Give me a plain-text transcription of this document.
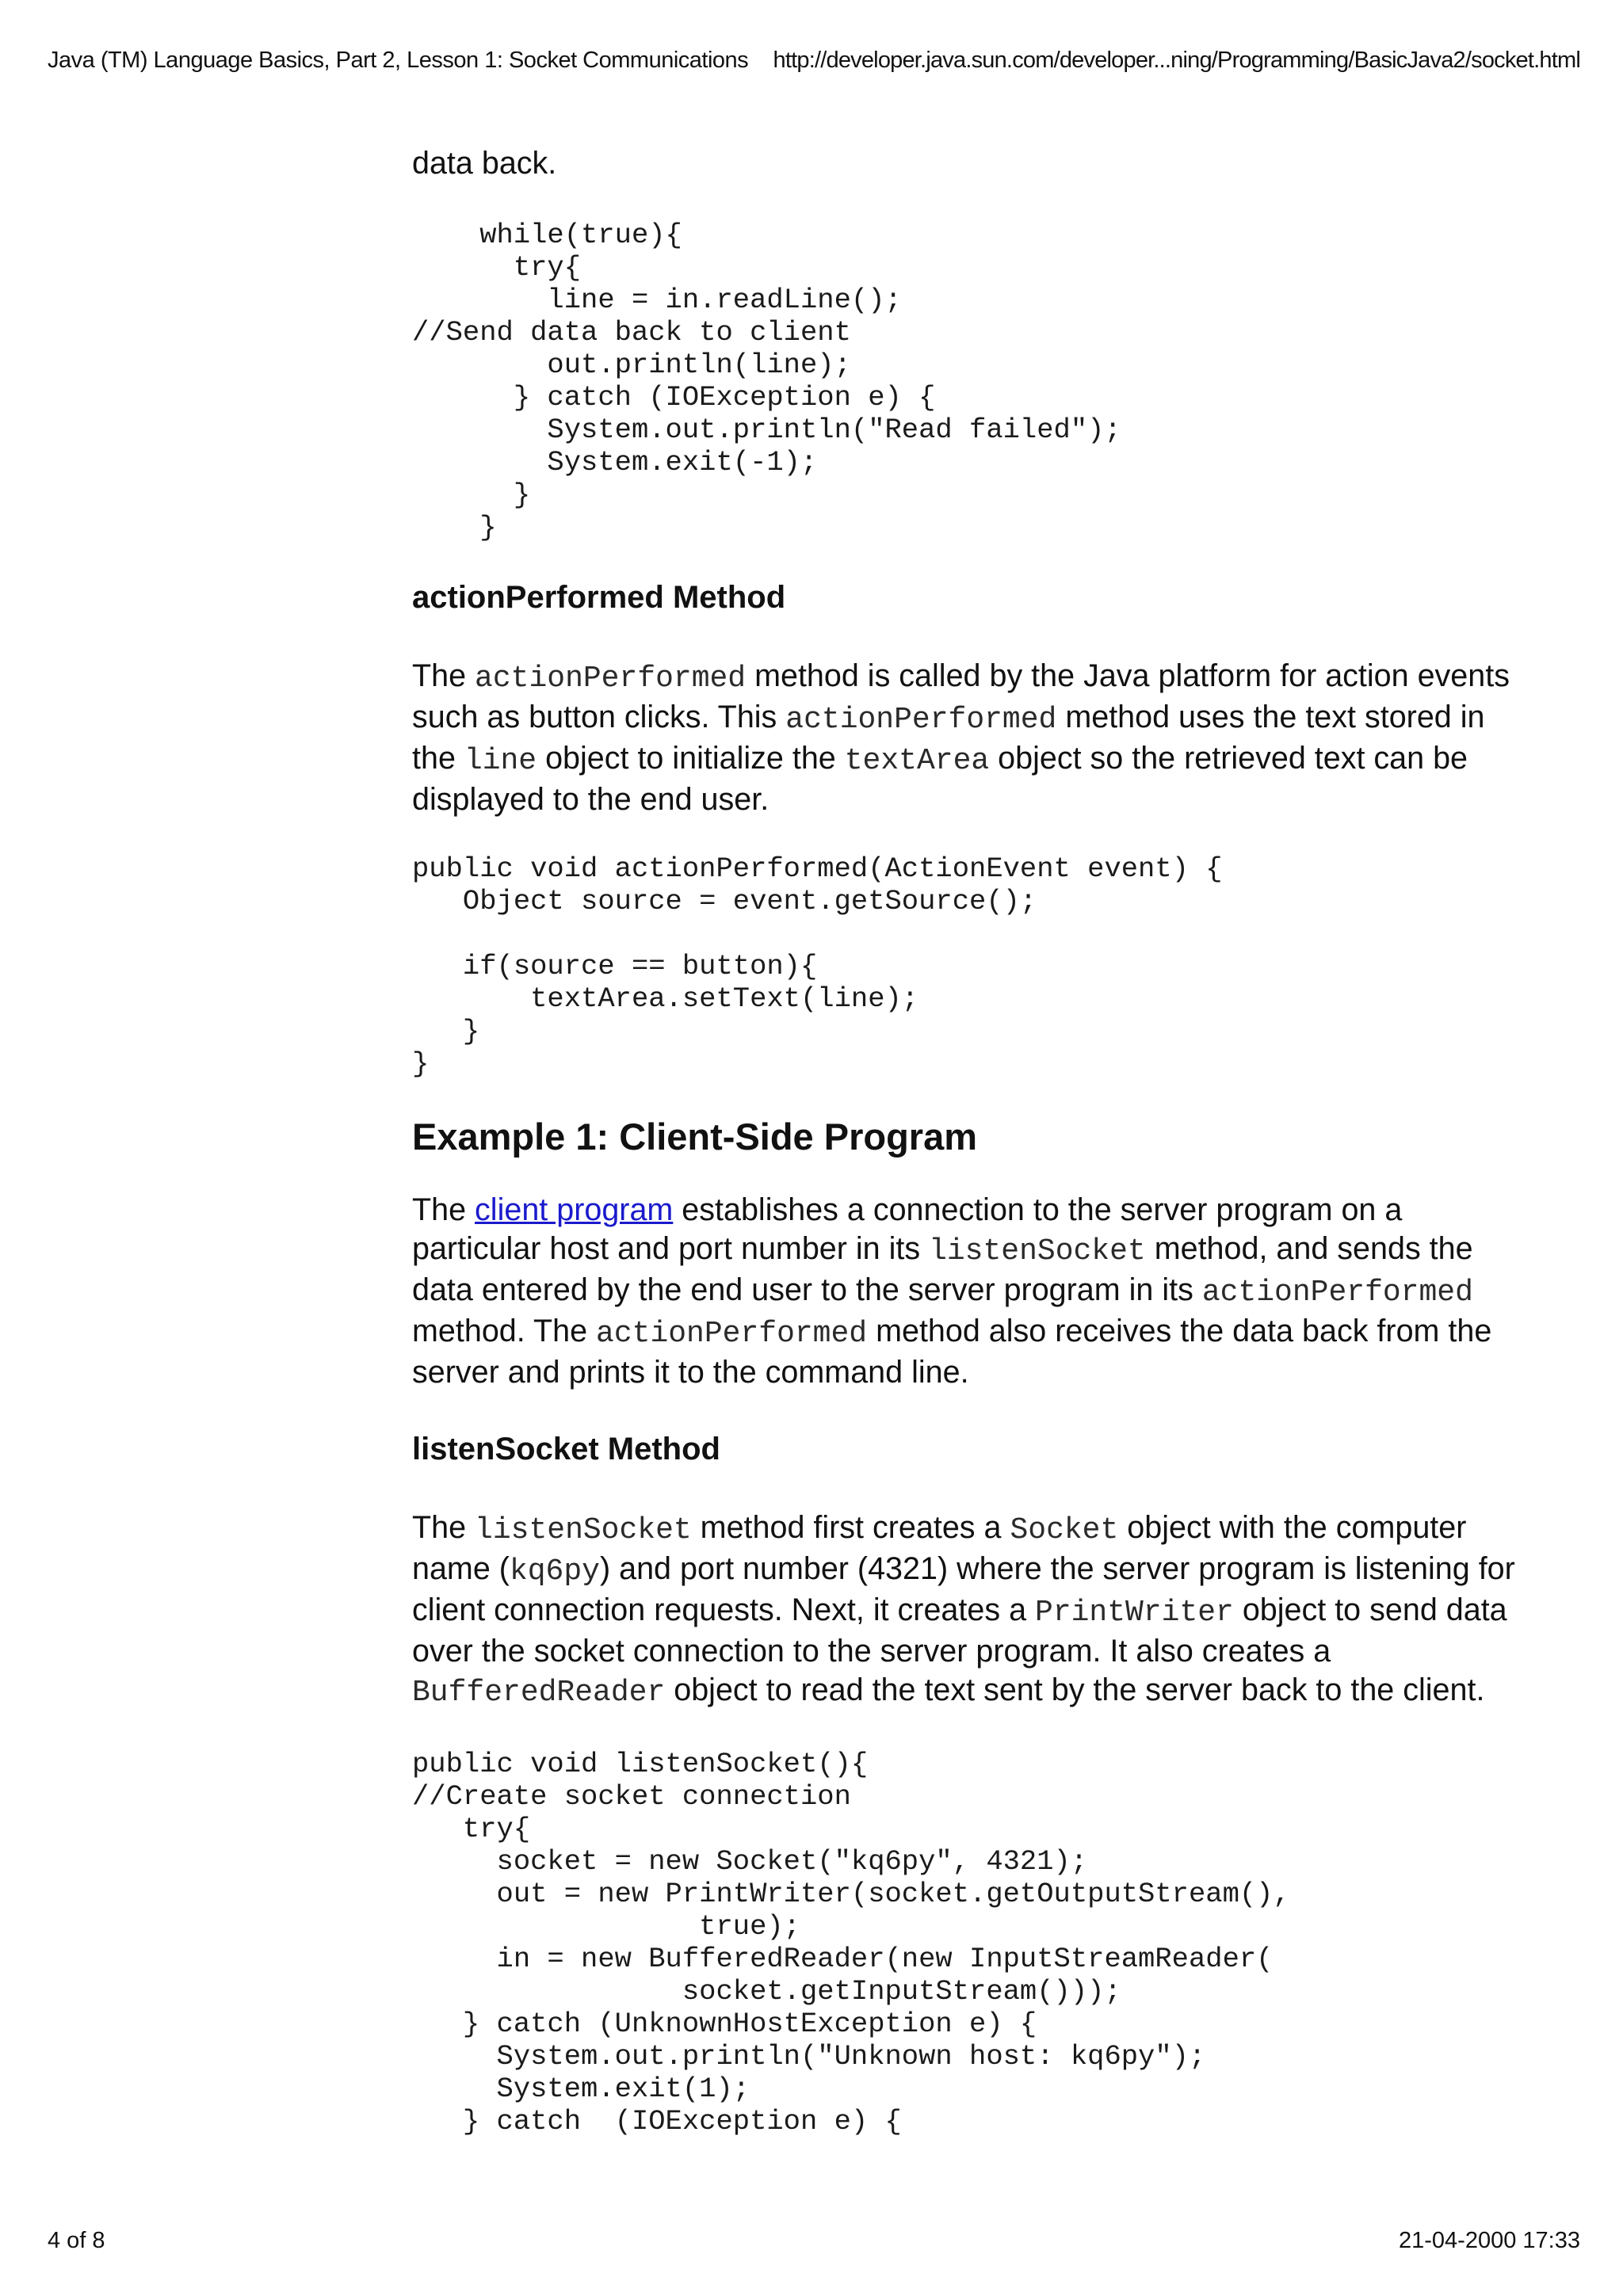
Java (TM) Language Basics, Part 2, Lesson 1: Socket Communications http://developer.java.sun.com/developer...ning/Programming/BasicJava2/socket.html

data back.

while(true){
try{
line = in.readLine();
//Send data back to client
out.println(line);
} catch (IOException e) {
System.out.println("Read failed");
System.exit(-1);
}
}
actionPerformed Method

The actionPerformed method is called by the Java platform for action events such as button clicks. This actionPerformed method uses the text stored in the line object to initialize the textArea object so the retrieved text can be displayed to the end user.

public void actionPerformed(ActionEvent event) {
Object source = event.getSource();

if(source == button){
textArea.setText(line);
}
}
Example 1: Client-Side Program

The client program establishes a connection to the server program on a particular host and port number in its listenSocket method, and sends the data entered by the end user to the server program in its actionPerformed method. The actionPerformed method also receives the data back from the server and prints it to the command line.

listenSocket Method

The listenSocket method first creates a Socket object with the computer name (kq6py) and port number (4321) where the server program is listening for client connection requests. Next, it creates a PrintWriter object to send data over the socket connection to the server program. It also creates a BufferedReader object to read the text sent by the server back to the client.

public void listenSocket(){
//Create socket connection
try{
socket = new Socket("kq6py", 4321);
out = new PrintWriter(socket.getOutputStream(),
true);
in = new BufferedReader(new InputStreamReader(
socket.getInputStream()));
} catch (UnknownHostException e) {
System.out.println("Unknown host: kq6py");
System.exit(1);
} catch  (IOException e) {
4 of 8	21-04-2000 17:33
